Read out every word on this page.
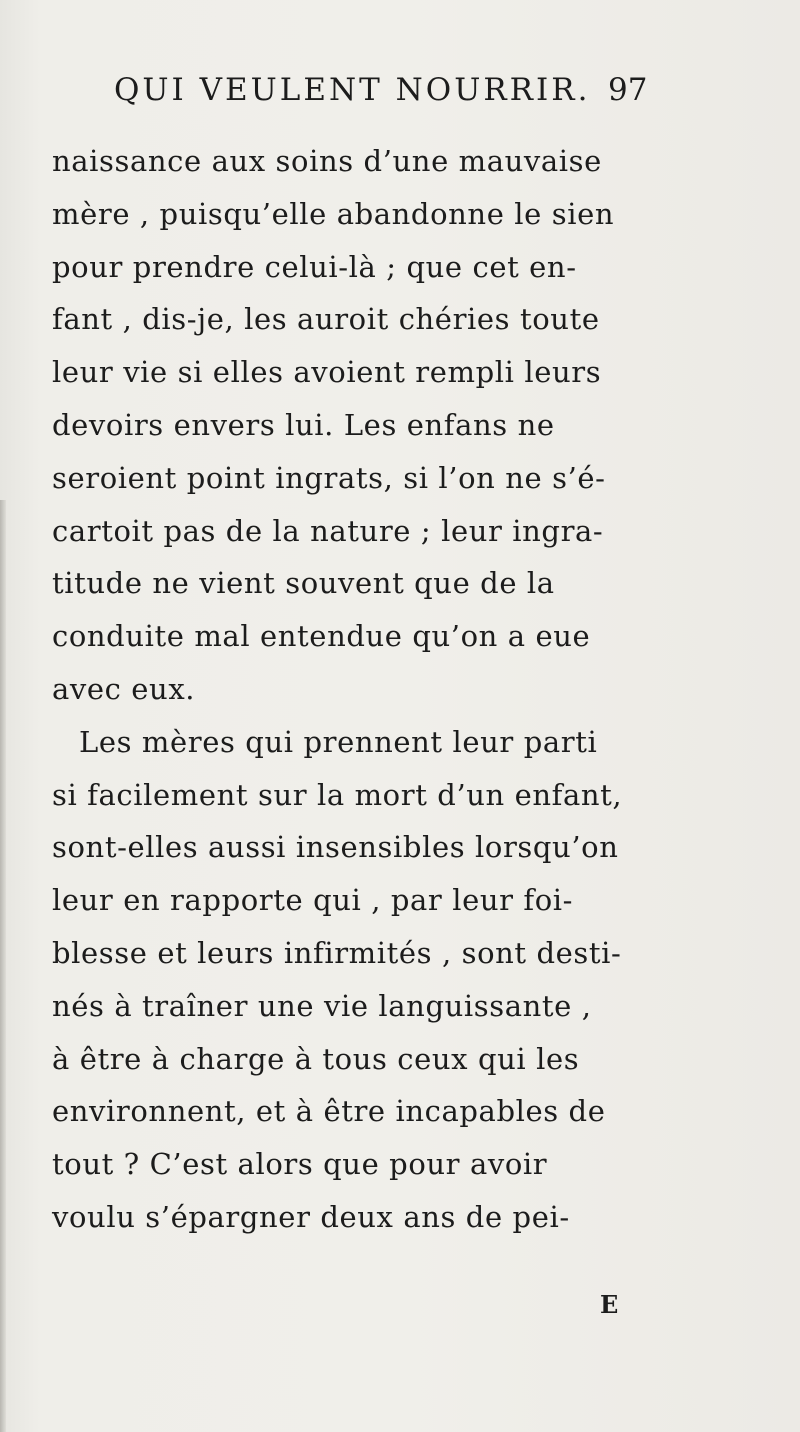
QUI VEULENT NOURRIR. 97
naissance aux soins d’une mauvaise
mère , puisqu’elle abandonne le sien
pour prendre celui-là ; que cet en-
fant , dis-je, les auroit chéries toute
leur vie si elles avoient rempli leurs
devoirs envers lui. Les enfans ne
seroient point ingrats, si l’on ne s’é-
cartoit pas de la nature ; leur ingra-
titude ne vient souvent que de la
conduite mal entendue qu’on a eue
avec eux.
Les mères qui prennent leur parti
si facilement sur la mort d’un enfant,
sont-elles aussi insensibles lorsqu’on
leur en rapporte qui , par leur foi-
blesse et leurs infirmités , sont desti-
nés à traîner une vie languissante ,
à être à charge à tous ceux qui les
environnent, et à être incapables de
tout ? C’est alors que pour avoir
voulu s’épargner deux ans de pei-
E
